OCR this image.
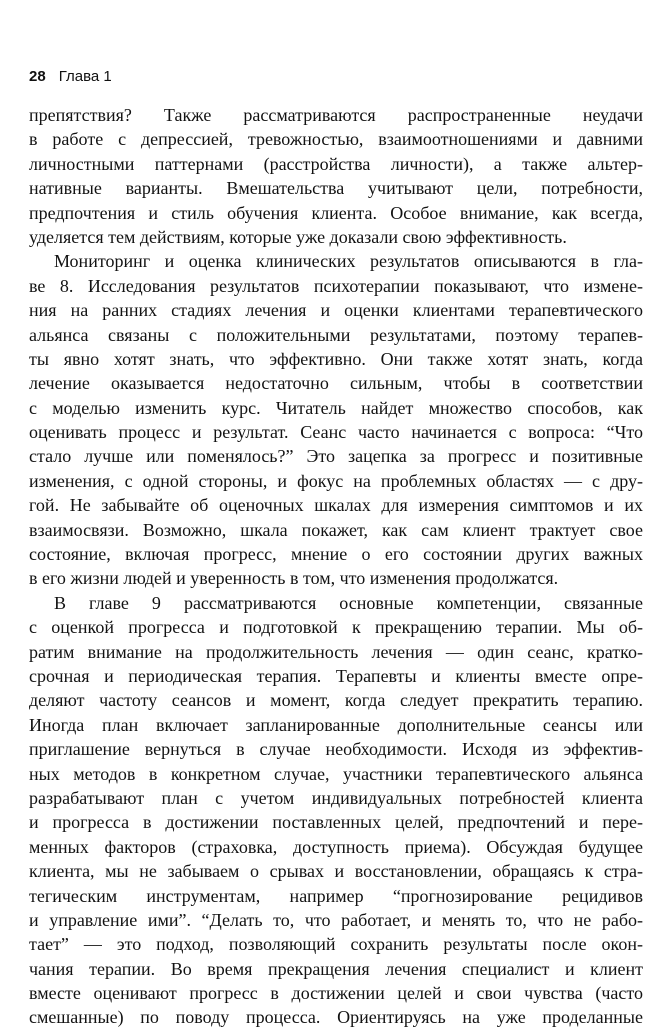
28 Глава 1
препятствия? Также рассматриваются распространенные неудачи
в работе с депрессией, тревожностью, взаимоотношениями и давними
личностными паттернами (расстройства личности), а также альтер-
нативные варианты. Вмешательства учитывают цели, потребности,
предпочтения и стиль обучения клиента. Особое внимание, как всегда,
уделяется тем действиям, которые уже доказали свою эффективность.
Мониторинг и оценка клинических результатов описываются в гла-
ве 8. Исследования результатов психотерапии показывают, что измене-
ния на ранних стадиях лечения и оценки клиентами терапевтического
альянса связаны с положительными результатами, поэтому терапев-
ты явно хотят знать, что эффективно. Они также хотят знать, когда
лечение оказывается недостаточно сильным, чтобы в соответствии
с моделью изменить курс. Читатель найдет множество способов, как
оценивать процесс и результат. Сеанс часто начинается с вопроса: “Что
стало лучше или поменялось?” Это зацепка за прогресс и позитивные
изменения, с одной стороны, и фокус на проблемных областях — с дру-
гой. Не забывайте об оценочных шкалах для измерения симптомов и их
взаимосвязи. Возможно, шкала покажет, как сам клиент трактует свое
состояние, включая прогресс, мнение о его состоянии других важных
в его жизни людей и уверенность в том, что изменения продолжатся.
В главе 9 рассматриваются основные компетенции, связанные
с оценкой прогресса и подготовкой к прекращению терапии. Мы об-
ратим внимание на продолжительность лечения — один сеанс, кратко-
срочная и периодическая терапия. Терапевты и клиенты вместе опре-
деляют частоту сеансов и момент, когда следует прекратить терапию.
Иногда план включает запланированные дополнительные сеансы или
приглашение вернуться в случае необходимости. Исходя из эффектив-
ных методов в конкретном случае, участники терапевтического альянса
разрабатывают план с учетом индивидуальных потребностей клиента
и прогресса в достижении поставленных целей, предпочтений и пере-
менных факторов (страховка, доступность приема). Обсуждая будущее
клиента, мы не забываем о срывах и восстановлении, обращаясь к стра-
тегическим инструментам, например “прогнозирование рецидивов
и управление ими”. “Делать то, что работает, и менять то, что не рабо-
тает” — это подход, позволяющий сохранить результаты после окон-
чания терапии. Во время прекращения лечения специалист и клиент
вместе оценивают прогресс в достижении целей и свои чувства (часто
смешанные) по поводу процесса. Ориентируясь на уже проделанные
